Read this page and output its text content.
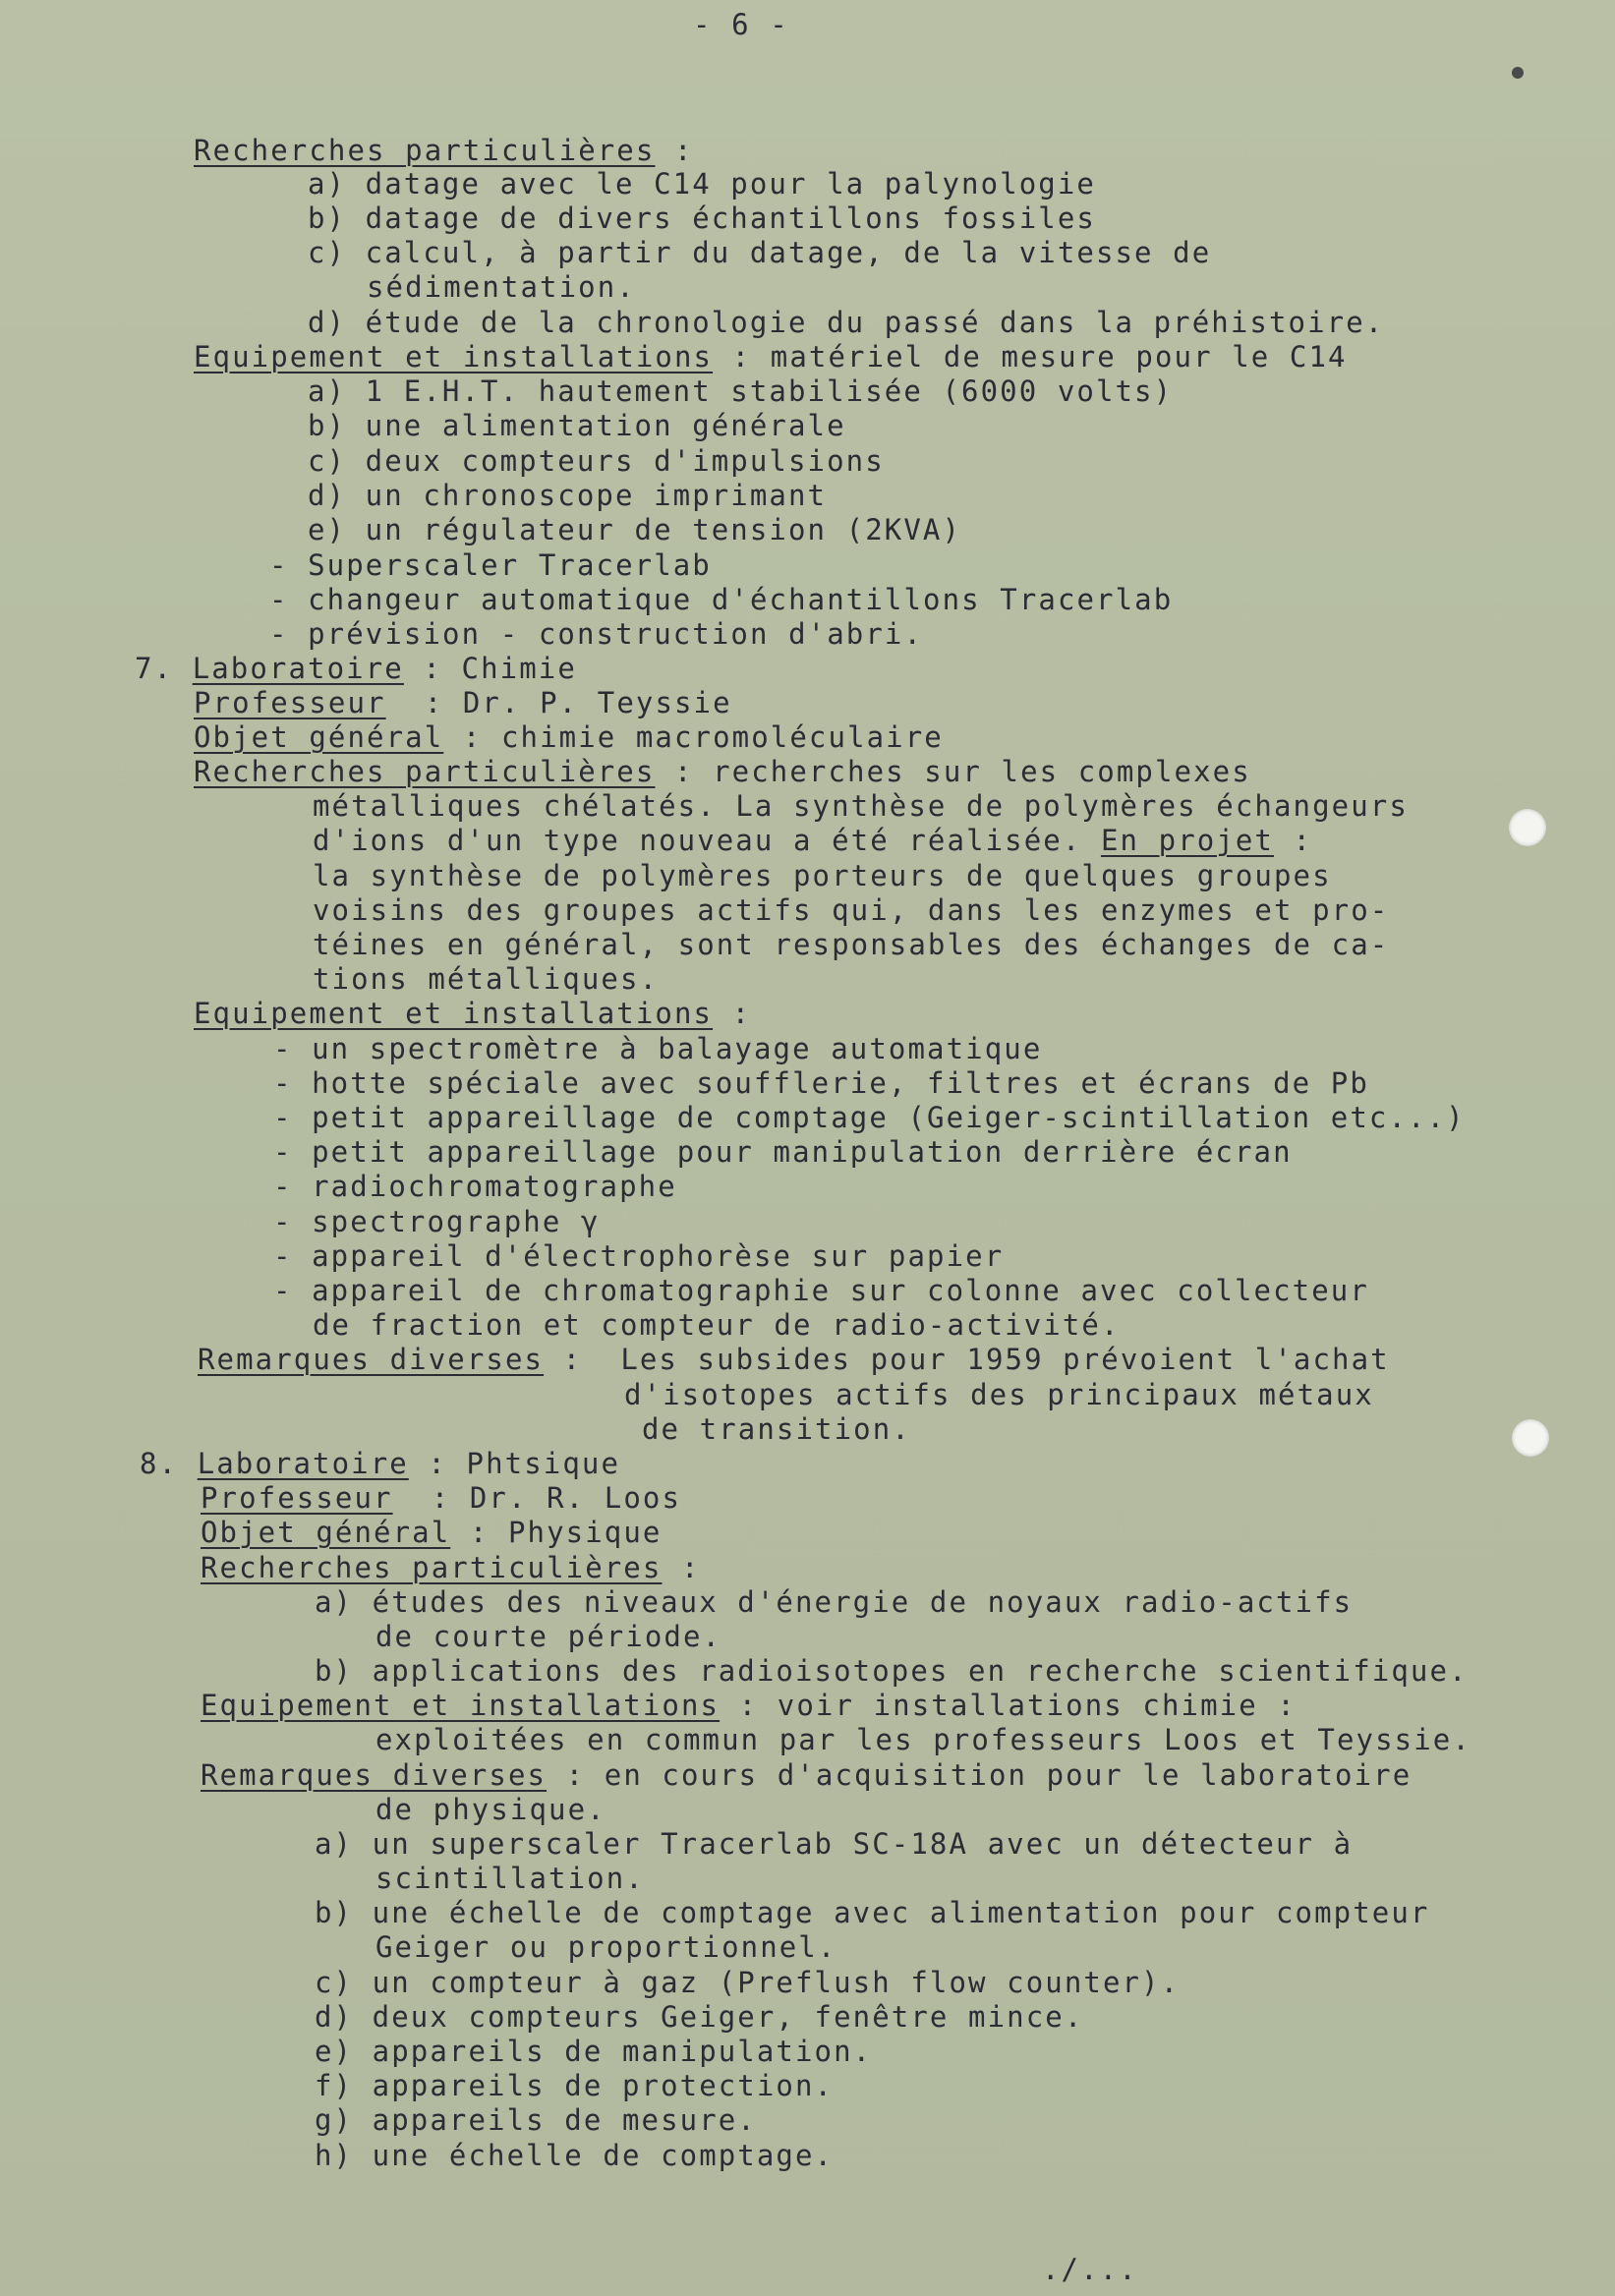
- 6 -
Recherches particulières :
a) datage avec le C14 pour la palynologie
b) datage de divers échantillons fossiles
c) calcul, à partir du datage, de la vitesse de
sédimentation.
d) étude de la chronologie du passé dans la préhistoire.
Equipement et installations : matériel de mesure pour le C14
a) 1 E.H.T. hautement stabilisée (6000 volts)
b) une alimentation générale
c) deux compteurs d'impulsions
d) un chronoscope imprimant
e) un régulateur de tension (2KVA)
- Superscaler Tracerlab
- changeur automatique d'échantillons Tracerlab
- prévision - construction d'abri.
7. Laboratoire : Chimie
Professeur  : Dr. P. Teyssie
Objet général : chimie macromoléculaire
Recherches particulières : recherches sur les complexes
métalliques chélatés. La synthèse de polymères échangeurs
d'ions d'un type nouveau a été réalisée. En projet :
la synthèse de polymères porteurs de quelques groupes
voisins des groupes actifs qui, dans les enzymes et pro-
téines en général, sont responsables des échanges de ca-
tions métalliques.
Equipement et installations :
- un spectromètre à balayage automatique
- hotte spéciale avec soufflerie, filtres et écrans de Pb
- petit appareillage de comptage (Geiger-scintillation etc...)
- petit appareillage pour manipulation derrière écran
- radiochromatographe
- spectrographe γ
- appareil d'électrophorèse sur papier
- appareil de chromatographie sur colonne avec collecteur
de fraction et compteur de radio-activité.
Remarques diverses :  Les subsides pour 1959 prévoient l'achat
d'isotopes actifs des principaux métaux
de transition.
8. Laboratoire : Phtsique
Professeur  : Dr. R. Loos
Objet général : Physique
Recherches particulières :
a) études des niveaux d'énergie de noyaux radio-actifs
de courte période.
b) applications des radioisotopes en recherche scientifique.
Equipement et installations : voir installations chimie :
exploitées en commun par les professeurs Loos et Teyssie.
Remarques diverses : en cours d'acquisition pour le laboratoire
de physique.
a) un superscaler Tracerlab SC-18A avec un détecteur à
scintillation.
b) une échelle de comptage avec alimentation pour compteur
Geiger ou proportionnel.
c) un compteur à gaz (Preflush flow counter).
d) deux compteurs Geiger, fenêtre mince.
e) appareils de manipulation.
f) appareils de protection.
g) appareils de mesure.
h) une échelle de comptage.
./...
